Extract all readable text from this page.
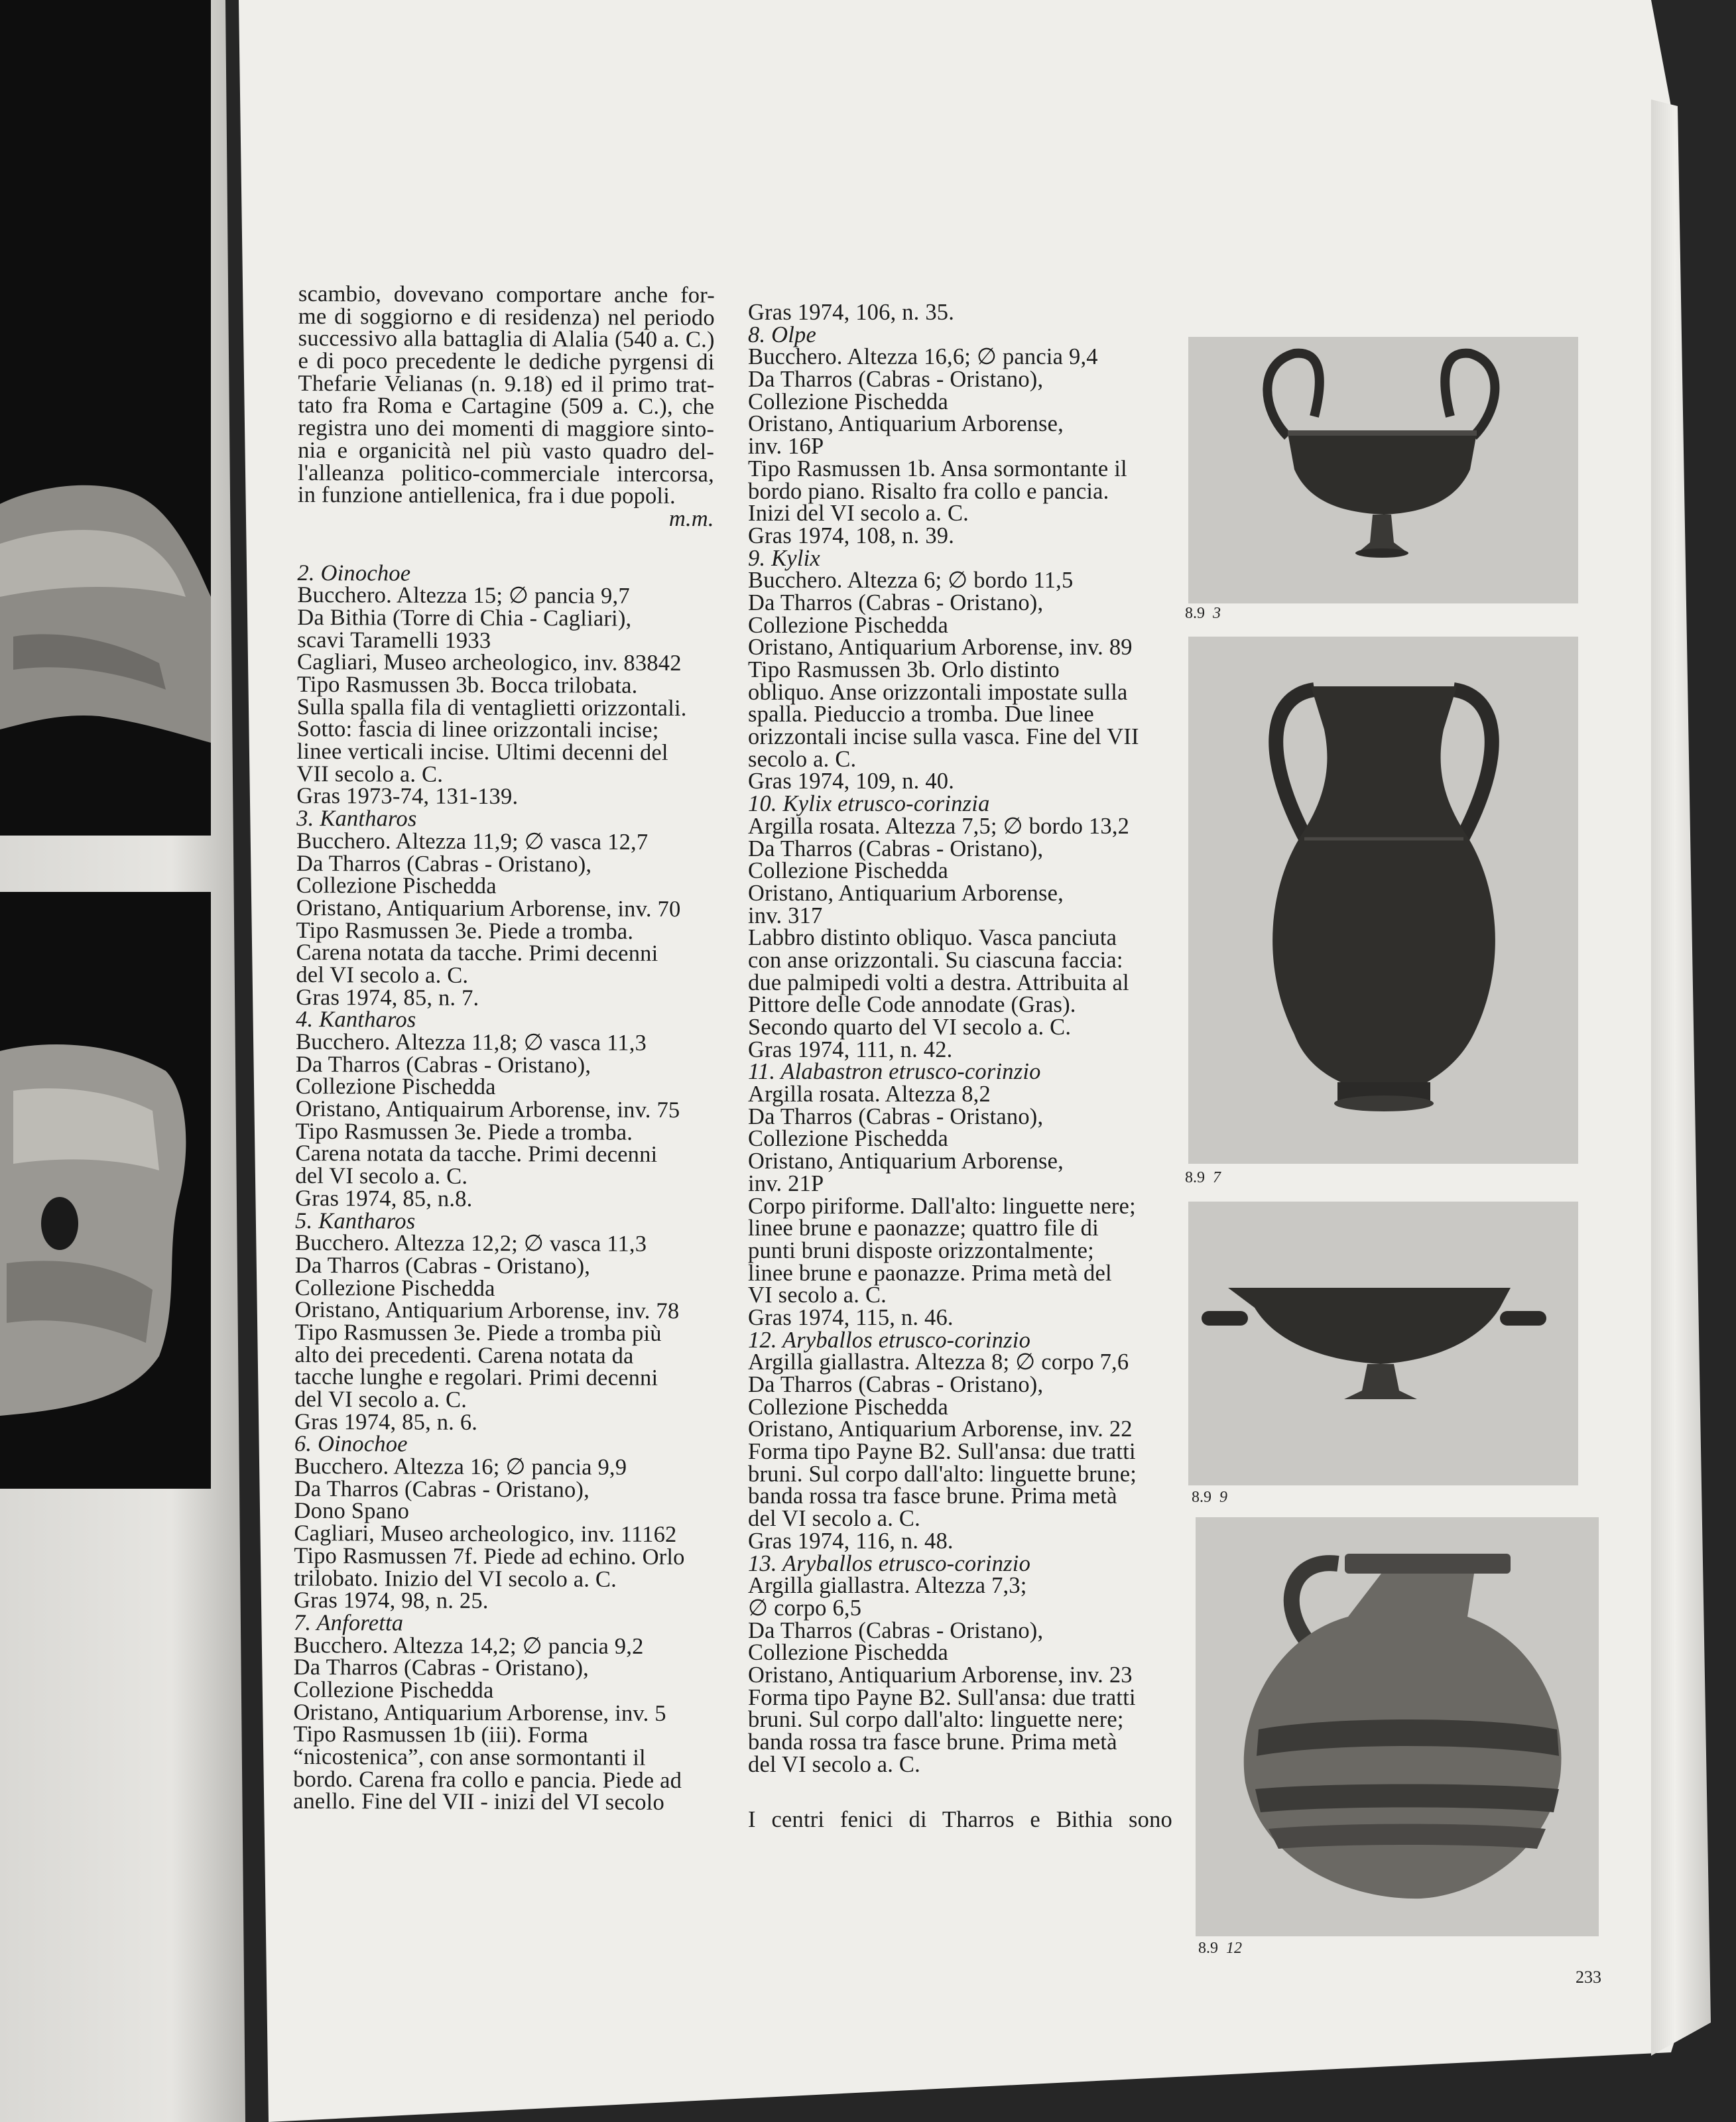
scambio, dovevano comportare anche for-
me di soggiorno e di residenza) nel periodo
successivo alla battaglia di Alalia (540 a. C.)
e di poco precedente le dediche pyrgensi di
Thefarie Velianas (n. 9.18) ed il primo trat-
tato fra Roma e Cartagine (509 a. C.), che
registra uno dei momenti di maggiore sinto-
nia e organicità nel più vasto quadro del-
l'alleanza politico-commerciale intercorsa,
in funzione antiellenica, fra i due popoli.
m.m.
2. Oinochoe
Bucchero. Altezza 15; ∅ pancia 9,7
Da Bithia (Torre di Chia - Cagliari),
scavi Taramelli 1933
Cagliari, Museo archeologico, inv. 83842
Tipo Rasmussen 3b. Bocca trilobata.
Sulla spalla fila di ventaglietti orizzontali.
Sotto: fascia di linee orizzontali incise;
linee verticali incise. Ultimi decenni del
VII secolo a. C.
Gras 1973-74, 131-139.
3. Kantharos
Bucchero. Altezza 11,9; ∅ vasca 12,7
Da Tharros (Cabras - Oristano),
Collezione Pischedda
Oristano, Antiquarium Arborense, inv. 70
Tipo Rasmussen 3e. Piede a tromba.
Carena notata da tacche. Primi decenni
del VI secolo a. C.
Gras 1974, 85, n. 7.
4. Kantharos
Bucchero. Altezza 11,8; ∅ vasca 11,3
Da Tharros (Cabras - Oristano),
Collezione Pischedda
Oristano, Antiquairum Arborense, inv. 75
Tipo Rasmussen 3e. Piede a tromba.
Carena notata da tacche. Primi decenni
del VI secolo a. C.
Gras 1974, 85, n.8.
5. Kantharos
Bucchero. Altezza 12,2; ∅ vasca 11,3
Da Tharros (Cabras - Oristano),
Collezione Pischedda
Oristano, Antiquarium Arborense, inv. 78
Tipo Rasmussen 3e. Piede a tromba più
alto dei precedenti. Carena notata da
tacche lunghe e regolari. Primi decenni
del VI secolo a. C.
Gras 1974, 85, n. 6.
6. Oinochoe
Bucchero. Altezza 16; ∅ pancia 9,9
Da Tharros (Cabras - Oristano),
Dono Spano
Cagliari, Museo archeologico, inv. 11162
Tipo Rasmussen 7f. Piede ad echino. Orlo
trilobato. Inizio del VI secolo a. C.
Gras 1974, 98, n. 25.
7. Anforetta
Bucchero. Altezza 14,2; ∅ pancia 9,2
Da Tharros (Cabras - Oristano),
Collezione Pischedda
Oristano, Antiquarium Arborense, inv. 5
Tipo Rasmussen 1b (iii). Forma
“nicostenica”, con anse sormontanti il
bordo. Carena fra collo e pancia. Piede ad
anello. Fine del VII - inizi del VI secolo
Gras 1974, 106, n. 35.
8. Olpe
Bucchero. Altezza 16,6; ∅ pancia 9,4
Da Tharros (Cabras - Oristano),
Collezione Pischedda
Oristano, Antiquarium Arborense,
inv. 16P
Tipo Rasmussen 1b. Ansa sormontante il
bordo piano. Risalto fra collo e pancia.
Inizi del VI secolo a. C.
Gras 1974, 108, n. 39.
9. Kylix
Bucchero. Altezza 6; ∅ bordo 11,5
Da Tharros (Cabras - Oristano),
Collezione Pischedda
Oristano, Antiquarium Arborense, inv. 89
Tipo Rasmussen 3b. Orlo distinto
obliquo. Anse orizzontali impostate sulla
spalla. Pieduccio a tromba. Due linee
orizzontali incise sulla vasca. Fine del VII
secolo a. C.
Gras 1974, 109, n. 40.
10. Kylix etrusco-corinzia
Argilla rosata. Altezza 7,5; ∅ bordo 13,2
Da Tharros (Cabras - Oristano),
Collezione Pischedda
Oristano, Antiquarium Arborense,
inv. 317
Labbro distinto obliquo. Vasca panciuta
con anse orizzontali. Su ciascuna faccia:
due palmipedi volti a destra. Attribuita al
Pittore delle Code annodate (Gras).
Secondo quarto del VI secolo a. C.
Gras 1974, 111, n. 42.
11. Alabastron etrusco-corinzio
Argilla rosata. Altezza 8,2
Da Tharros (Cabras - Oristano),
Collezione Pischedda
Oristano, Antiquarium Arborense,
inv. 21P
Corpo piriforme. Dall'alto: linguette nere;
linee brune e paonazze; quattro file di
punti bruni disposte orizzontalmente;
linee brune e paonazze. Prima metà del
VI secolo a. C.
Gras 1974, 115, n. 46.
12. Aryballos etrusco-corinzio
Argilla giallastra. Altezza 8; ∅ corpo 7,6
Da Tharros (Cabras - Oristano),
Collezione Pischedda
Oristano, Antiquarium Arborense, inv. 22
Forma tipo Payne B2. Sull'ansa: due tratti
bruni. Sul corpo dall'alto: linguette brune;
banda rossa tra fasce brune. Prima metà
del VI secolo a. C.
Gras 1974, 116, n. 48.
13. Aryballos etrusco-corinzio
Argilla giallastra. Altezza 7,3;
∅ corpo 6,5
Da Tharros (Cabras - Oristano),
Collezione Pischedda
Oristano, Antiquarium Arborense, inv. 23
Forma tipo Payne B2. Sull'ansa: due tratti
bruni. Sul corpo dall'alto: linguette nere;
banda rossa tra fasce brune. Prima metà
del VI secolo a. C.
I centri fenici di Tharros e Bithia sono
8.9 3
8.9 7
8.9 9
8.9 12
233
